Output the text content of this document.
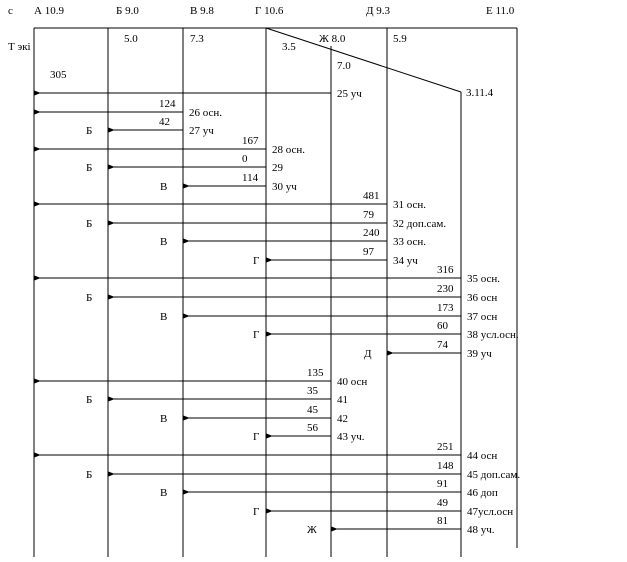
с
Т экі
305
3.11.4
А 10.9	Б 9.0
5.0
В 9.8
7.3
Г 10.6
3.5
Ж 8.0
7.0
Д 9.3
5.9
Е 11.0
25 уч
124
26 осн.
42
27 уч
Б
167
28 осн.
0
29
Б
114
30 уч
В
481
31 осн.
79
32 доп.сам.
Б
240
33 осн.
В
97
34 уч
Г
316
35 осн.
230
36 осн
Б
173
37 осн
В
60
38 усл.осн.
Г
74
39 уч
Д
135
40 осн
35
41
Б
45
42
В
56
43 уч.
Г
251
44 осн
148
45 доп.сам.
Б
91
46 доп
В
49
47усл.осн
Г
81
48 уч.
Ж
